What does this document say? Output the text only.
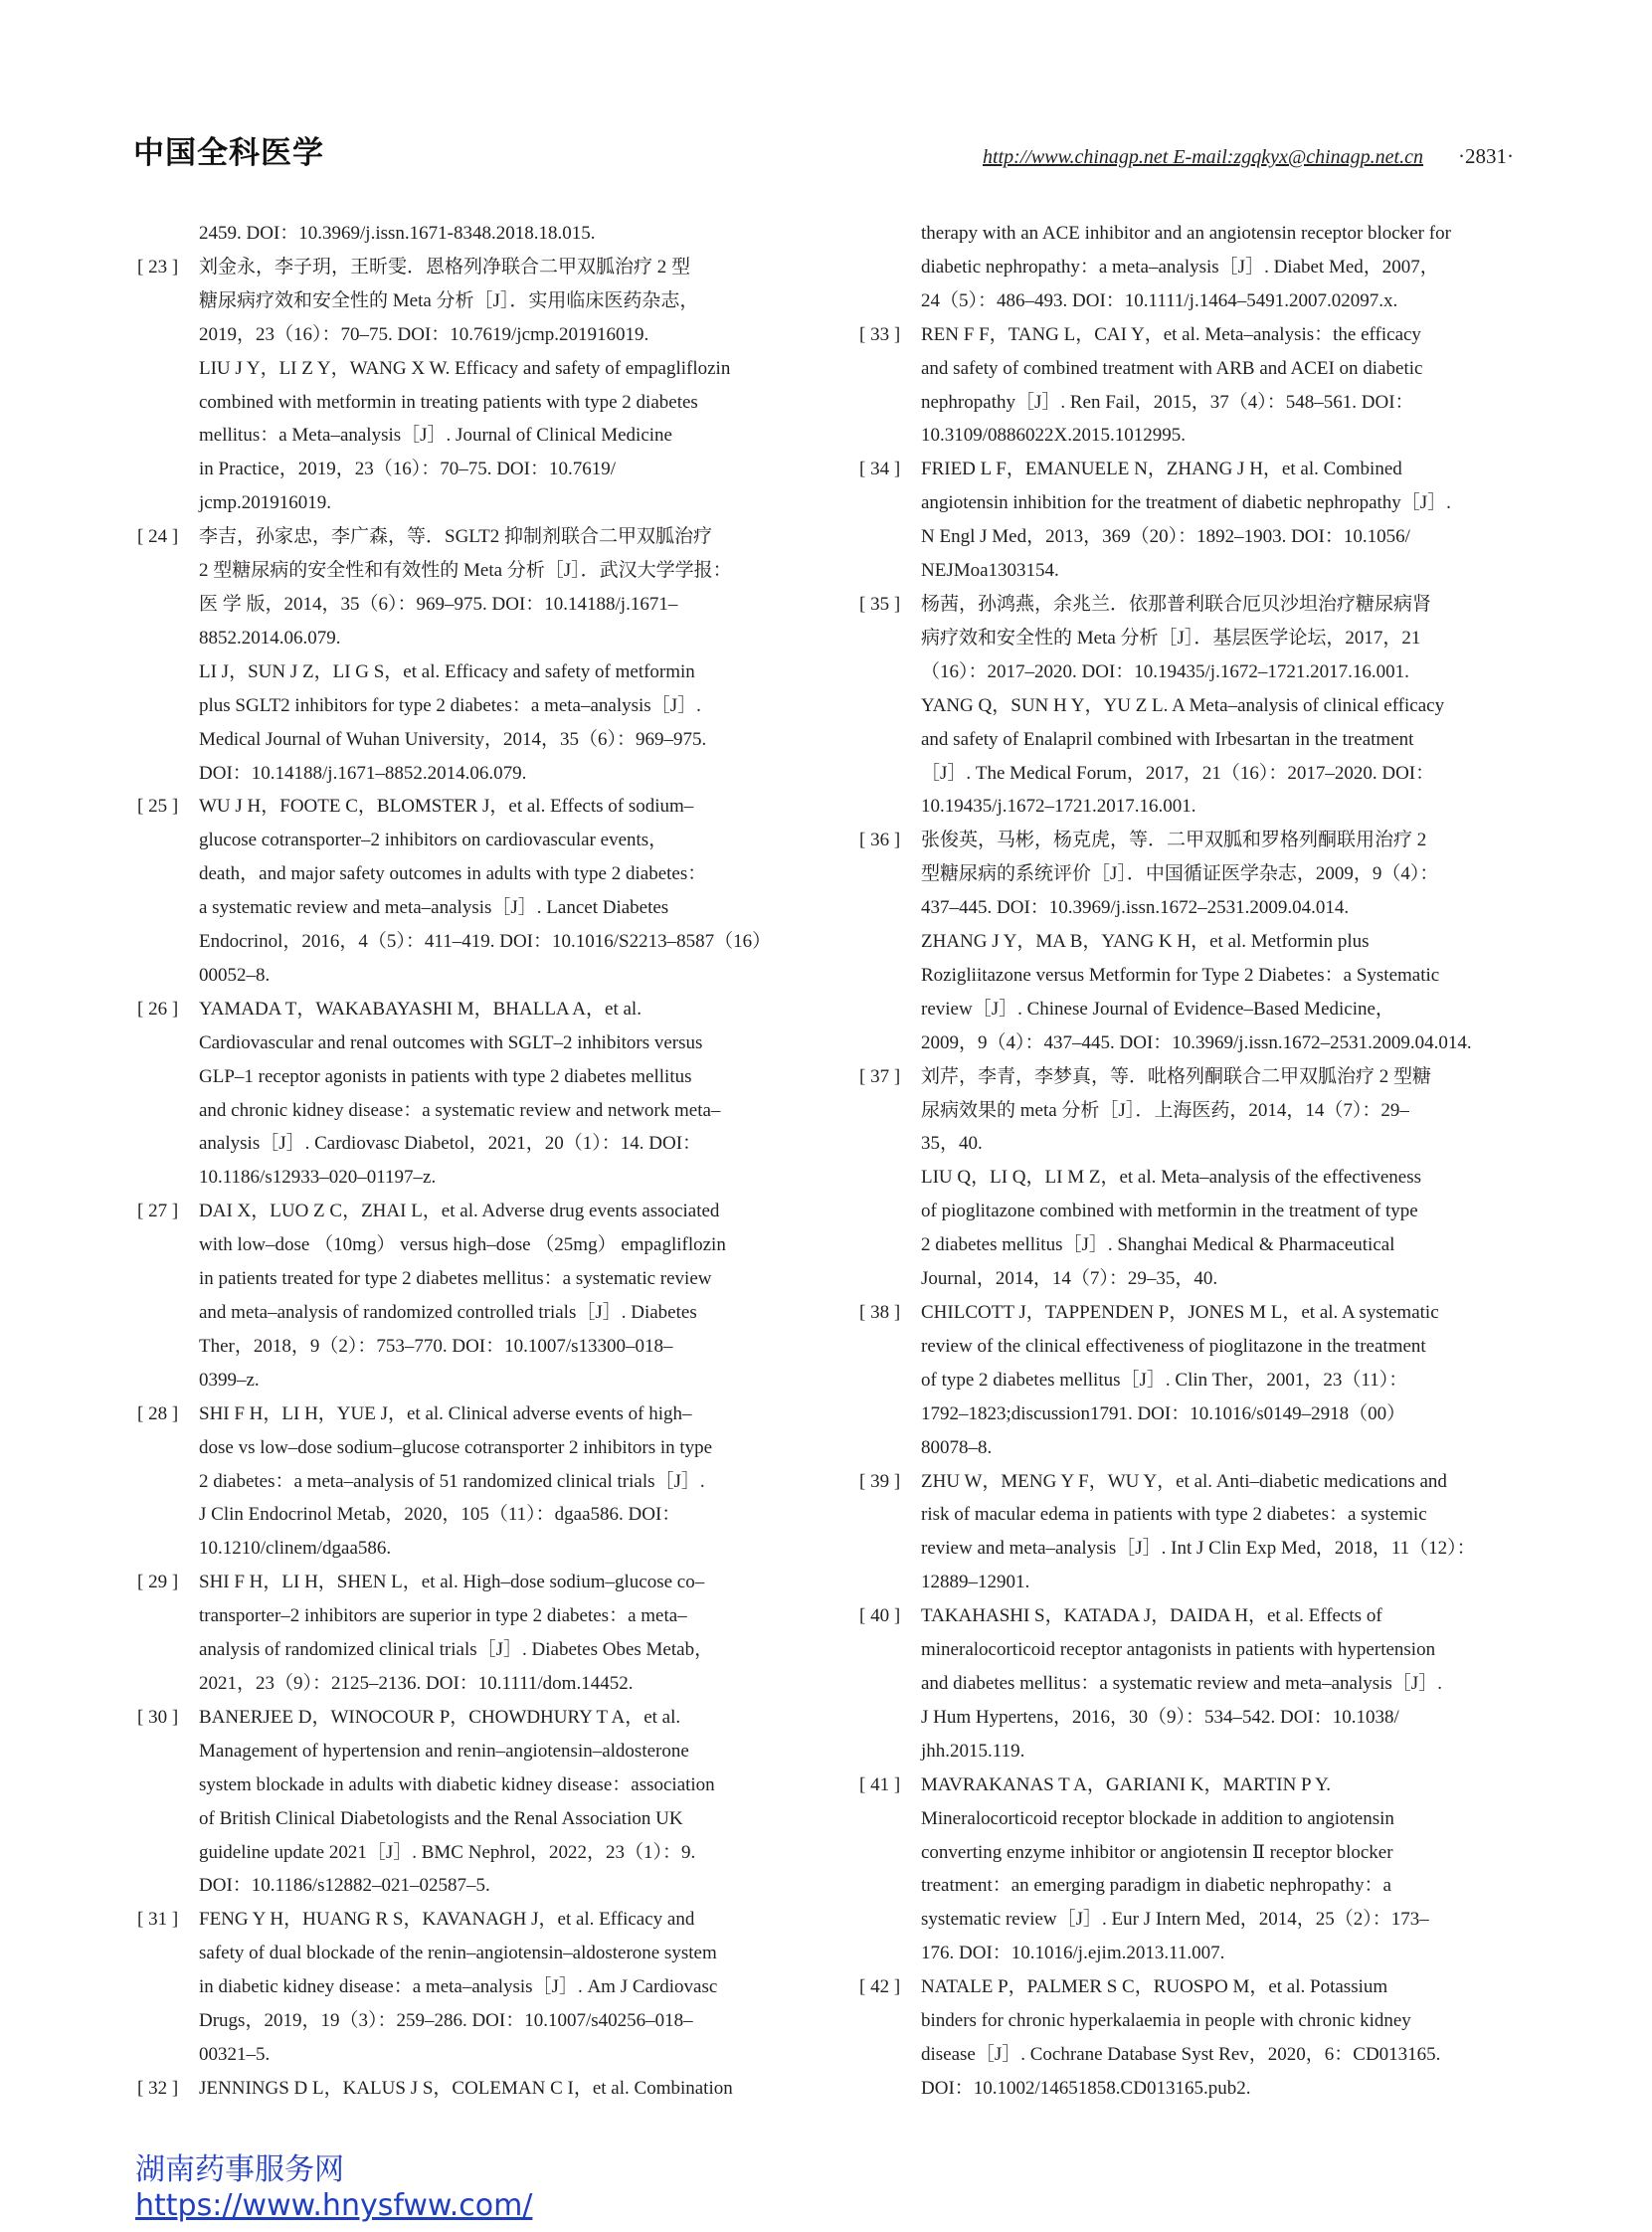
中国全科医学	http://www.chinagp.net E-mail:zgqkyx@chinagp.net.cn ·2831·
2459. DOI：10.3969/j.issn.1671-8348.2018.18.015.
[ 23 ] 刘金永，李子玥，王昕雯．恩格列净联合二甲双胍治疗 2 型
糖尿病疗效和安全性的 Meta 分析［J］．实用临床医药杂志，
2019，23（16）：70–75. DOI：10.7619/jcmp.201916019.
LIU J Y，LI Z Y，WANG X W. Efficacy and safety of empagliflozin
combined with metformin in treating patients with type 2 diabetes
mellitus：a Meta–analysis［J］. Journal of Clinical Medicine
in Practice，2019，23（16）：70–75. DOI：10.7619/
jcmp.201916019.
[ 24 ] 李吉，孙家忠，李广森，等．SGLT2 抑制剂联合二甲双胍治疗
2 型糖尿病的安全性和有效性的 Meta 分析［J］．武汉大学学报：
医 学 版，2014，35（6）：969–975. DOI：10.14188/j.1671–
8852.2014.06.079.
LI J，SUN J Z，LI G S，et al. Efficacy and safety of metformin
plus SGLT2 inhibitors for type 2 diabetes：a meta–analysis［J］.
Medical Journal of Wuhan University，2014，35（6）：969–975.
DOI：10.14188/j.1671–8852.2014.06.079.
[ 25 ] WU J H，FOOTE C，BLOMSTER J，et al. Effects of sodium–
glucose cotransporter–2 inhibitors on cardiovascular events，
death，and major safety outcomes in adults with type 2 diabetes：
a systematic review and meta–analysis［J］. Lancet Diabetes
Endocrinol，2016，4（5）：411–419. DOI：10.1016/S2213–8587（16）
00052–8.
[ 26 ] YAMADA T，WAKABAYASHI M，BHALLA A，et al.
Cardiovascular and renal outcomes with SGLT–2 inhibitors versus
GLP–1 receptor agonists in patients with type 2 diabetes mellitus
and chronic kidney disease：a systematic review and network meta–
analysis［J］. Cardiovasc Diabetol，2021，20（1）：14. DOI：
10.1186/s12933–020–01197–z.
[ 27 ] DAI X，LUO Z C，ZHAI L，et al. Adverse drug events associated
with low–dose （10mg） versus high–dose （25mg） empagliflozin
in patients treated for type 2 diabetes mellitus：a systematic review
and meta–analysis of randomized controlled trials［J］. Diabetes
Ther，2018，9（2）：753–770. DOI：10.1007/s13300–018–
0399–z.
[ 28 ] SHI F H，LI H，YUE J，et al. Clinical adverse events of high–
dose vs low–dose sodium–glucose cotransporter 2 inhibitors in type
2 diabetes：a meta–analysis of 51 randomized clinical trials［J］.
J Clin Endocrinol Metab，2020，105（11）：dgaa586. DOI：
10.1210/clinem/dgaa586.
[ 29 ] SHI F H，LI H，SHEN L，et al. High–dose sodium–glucose co–
transporter–2 inhibitors are superior in type 2 diabetes：a meta–
analysis of randomized clinical trials［J］. Diabetes Obes Metab，
2021，23（9）：2125–2136. DOI：10.1111/dom.14452.
[ 30 ] BANERJEE D，WINOCOUR P，CHOWDHURY T A，et al.
Management of hypertension and renin–angiotensin–aldosterone
system blockade in adults with diabetic kidney disease：association
of British Clinical Diabetologists and the Renal Association UK
guideline update 2021［J］. BMC Nephrol，2022，23（1）：9.
DOI：10.1186/s12882–021–02587–5.
[ 31 ] FENG Y H，HUANG R S，KAVANAGH J，et al. Efficacy and
safety of dual blockade of the renin–angiotensin–aldosterone system
in diabetic kidney disease：a meta–analysis［J］. Am J Cardiovasc
Drugs，2019，19（3）：259–286. DOI：10.1007/s40256–018–
00321–5.
[ 32 ] JENNINGS D L，KALUS J S，COLEMAN C I，et al. Combination
therapy with an ACE inhibitor and an angiotensin receptor blocker for
diabetic nephropathy：a meta–analysis［J］. Diabet Med，2007，
24（5）：486–493. DOI：10.1111/j.1464–5491.2007.02097.x.
[ 33 ] REN F F，TANG L，CAI Y，et al. Meta–analysis：the efficacy
and safety of combined treatment with ARB and ACEI on diabetic
nephropathy［J］. Ren Fail，2015，37（4）：548–561. DOI：
10.3109/0886022X.2015.1012995.
[ 34 ] FRIED L F，EMANUELE N，ZHANG J H，et al. Combined
angiotensin inhibition for the treatment of diabetic nephropathy［J］.
N Engl J Med，2013，369（20）：1892–1903. DOI：10.1056/
NEJMoa1303154.
[ 35 ] 杨茜，孙鸿燕，余兆兰．依那普利联合厄贝沙坦治疗糖尿病肾
病疗效和安全性的 Meta 分析［J］．基层医学论坛，2017，21
（16）：2017–2020. DOI：10.19435/j.1672–1721.2017.16.001.
YANG Q，SUN H Y，YU Z L. A Meta–analysis of clinical efficacy
and safety of Enalapril combined with Irbesartan in the treatment
［J］. The Medical Forum，2017，21（16）：2017–2020. DOI：
10.19435/j.1672–1721.2017.16.001.
[ 36 ] 张俊英，马彬，杨克虎，等．二甲双胍和罗格列酮联用治疗 2
型糖尿病的系统评价［J］．中国循证医学杂志，2009，9（4）：
437–445. DOI：10.3969/j.issn.1672–2531.2009.04.014.
ZHANG J Y，MA B，YANG K H，et al. Metformin plus
Rozigliitazone versus Metformin for Type 2 Diabetes：a Systematic
review［J］. Chinese Journal of Evidence–Based Medicine，
2009，9（4）：437–445. DOI：10.3969/j.issn.1672–2531.2009.04.014.
[ 37 ] 刘芹，李青，李梦真，等．吡格列酮联合二甲双胍治疗 2 型糖
尿病效果的 meta 分析［J］．上海医药，2014，14（7）：29–
35，40.
LIU Q，LI Q，LI M Z，et al. Meta–analysis of the effectiveness
of pioglitazone combined with metformin in the treatment of type
2 diabetes mellitus［J］. Shanghai Medical & Pharmaceutical
Journal，2014，14（7）：29–35，40.
[ 38 ] CHILCOTT J，TAPPENDEN P，JONES M L，et al. A systematic
review of the clinical effectiveness of pioglitazone in the treatment
of type 2 diabetes mellitus［J］. Clin Ther，2001，23（11）：
1792–1823;discussion1791. DOI：10.1016/s0149–2918（00）
80078–8.
[ 39 ] ZHU W，MENG Y F，WU Y，et al. Anti–diabetic medications and
risk of macular edema in patients with type 2 diabetes：a systemic
review and meta–analysis［J］. Int J Clin Exp Med，2018，11（12）：
12889–12901.
[ 40 ] TAKAHASHI S，KATADA J，DAIDA H，et al. Effects of
mineralocorticoid receptor antagonists in patients with hypertension
and diabetes mellitus：a systematic review and meta–analysis［J］.
J Hum Hypertens，2016，30（9）：534–542. DOI：10.1038/
jhh.2015.119.
[ 41 ] MAVRAKANAS T A，GARIANI K，MARTIN P Y.
Mineralocorticoid receptor blockade in addition to angiotensin
converting enzyme inhibitor or angiotensin Ⅱ receptor blocker
treatment：an emerging paradigm in diabetic nephropathy：a
systematic review［J］. Eur J Intern Med，2014，25（2）：173–
176. DOI：10.1016/j.ejim.2013.11.007.
[ 42 ] NATALE P，PALMER S C，RUOSPO M，et al. Potassium
binders for chronic hyperkalaemia in people with chronic kidney
disease［J］. Cochrane Database Syst Rev，2020，6：CD013165.
DOI：10.1002/14651858.CD013165.pub2.
湖南药事服务网
https://www.hnysfww.com/
